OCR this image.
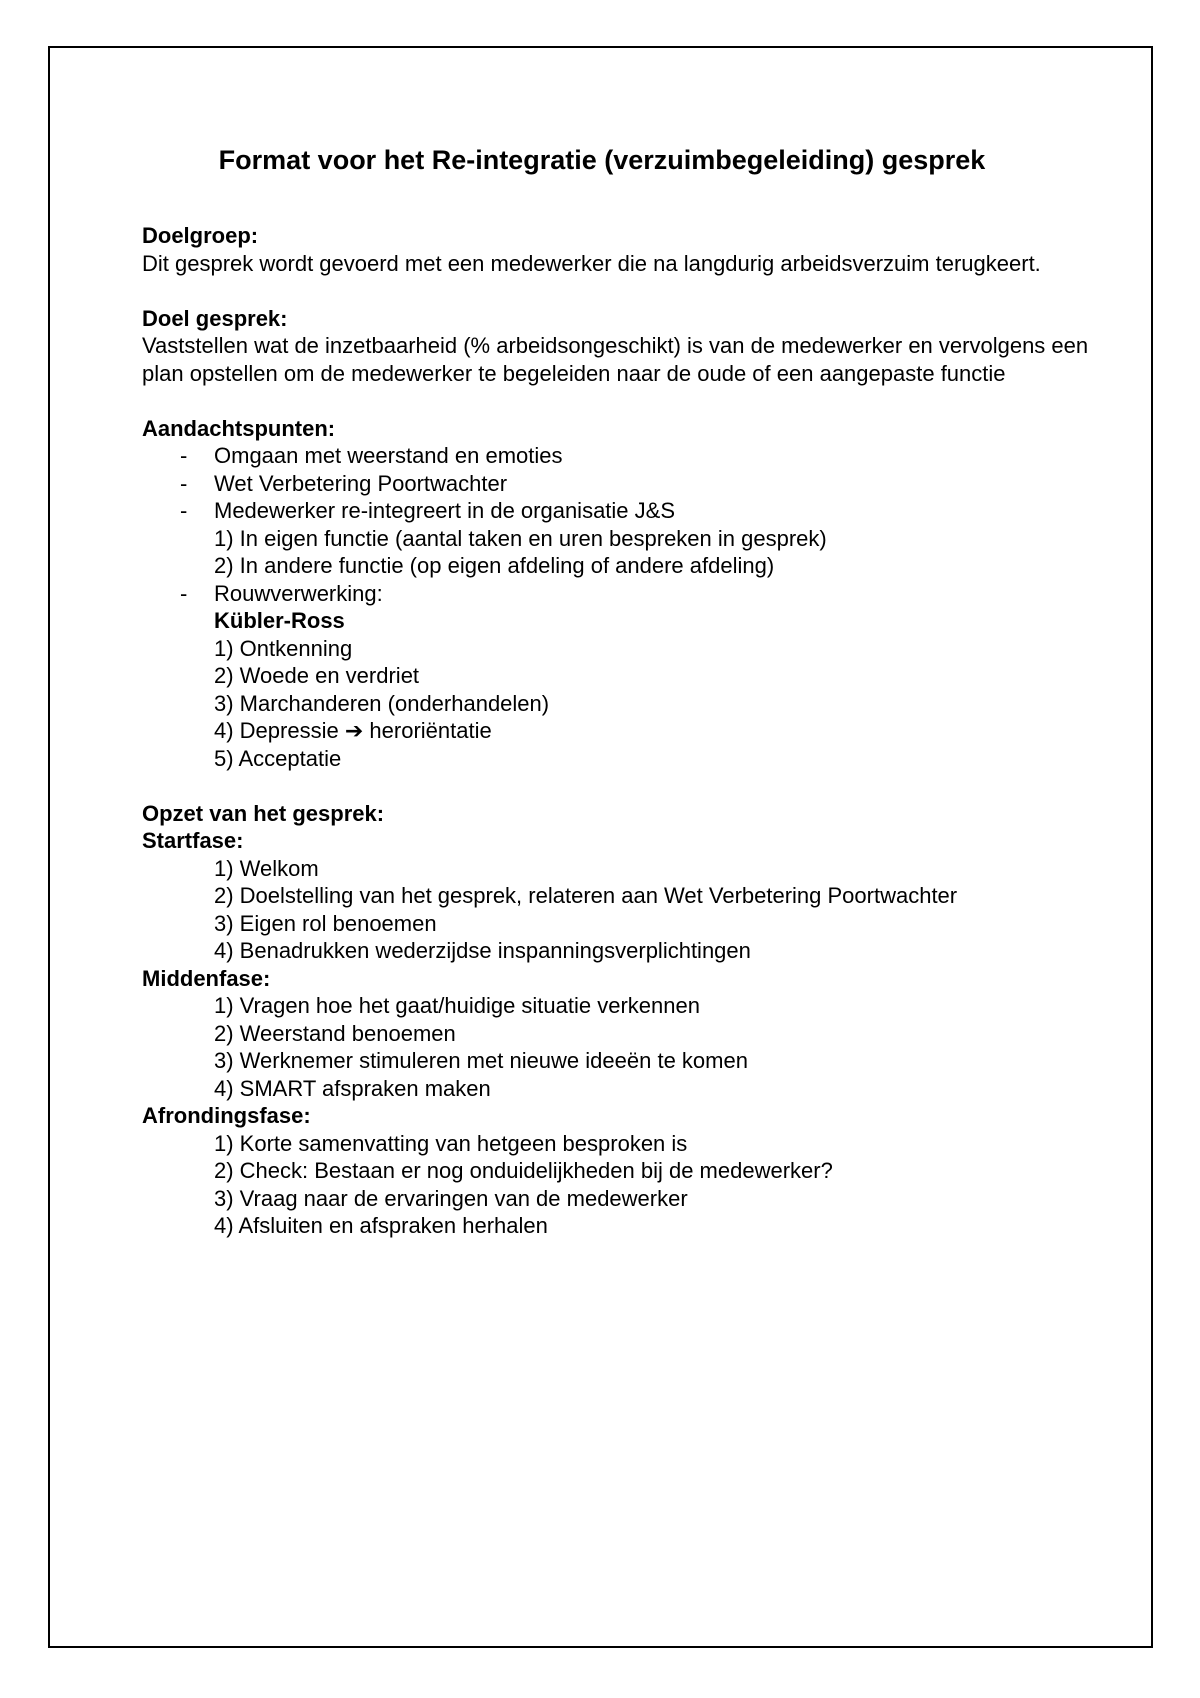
Format voor het Re-integratie (verzuimbegeleiding) gesprek
Doelgroep:
Dit gesprek wordt gevoerd met een medewerker die na langdurig arbeidsverzuim terugkeert.
Doel gesprek:
Vaststellen wat de inzetbaarheid (% arbeidsongeschikt) is van de medewerker en vervolgens een plan opstellen om de medewerker te begeleiden naar de oude of een aangepaste functie
Aandachtspunten:
- Omgaan met weerstand en emoties
- Wet Verbetering Poortwachter
- Medewerker re-integreert in de organisatie J&S
1) In eigen functie (aantal taken en uren bespreken in gesprek)
2) In andere functie (op eigen afdeling of andere afdeling)
- Rouwverwerking:
Kübler-Ross
1) Ontkenning
2) Woede en verdriet
3) Marchanderen (onderhandelen)
4) Depressie ➔ heroriëntatie
5) Acceptatie
Opzet van het gesprek:
Startfase:
1) Welkom
2) Doelstelling van het gesprek, relateren aan Wet Verbetering Poortwachter
3) Eigen rol benoemen
4) Benadrukken wederzijdse inspanningsverplichtingen
Middenfase:
1) Vragen hoe het gaat/huidige situatie verkennen
2) Weerstand benoemen
3) Werknemer stimuleren met nieuwe ideeën te komen
4) SMART afspraken maken
Afrondingsfase:
1) Korte samenvatting van hetgeen besproken is
2) Check: Bestaan er nog onduidelijkheden bij de medewerker?
3) Vraag naar de ervaringen van de medewerker
4) Afsluiten en afspraken herhalen
